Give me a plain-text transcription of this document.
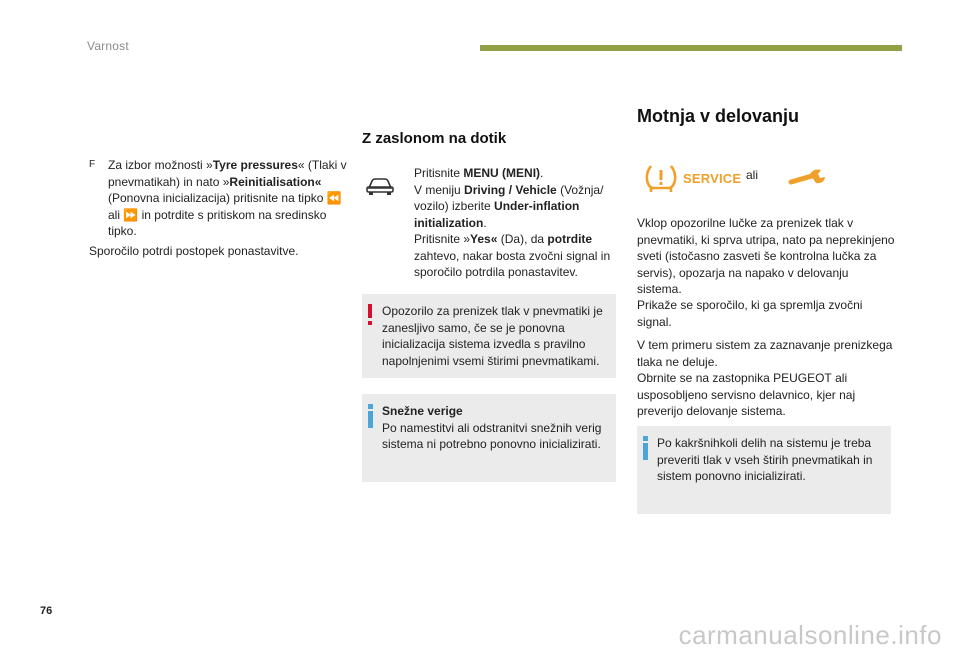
Varnost
F	Za izbor možnosti »Tyre pressures« (Tlaki v pnevmatikah) in nato »Reinitialisation« (Ponovna inicializacija) pritisnite na tipko ⏪ ali ⏩ in potrdite s pritiskom na sredinsko tipko.
Sporočilo potrdi postopek ponastavitve.
Z zaslonom na dotik
Pritisnite MENU (MENI).
V meniju Driving / Vehicle (Vožnja/ vozilo) izberite Under-inflation initialization.
Pritisnite »Yes« (Da), da potrdite zahtevo, nakar bosta zvočni signal in sporočilo potrdila ponastavitev.
Opozorilo za prenizek tlak v pnevmatiki je zanesljivo samo, če se je ponovna inicializacija sistema izvedla s pravilno napolnjenimi vsemi štirimi pnevmatikami.
Snežne verige
Po namestitvi ali odstranitvi snežnih verig sistema ni potrebno ponovno inicializirati.
Motnja v delovanju
SERVICE ali
Vklop opozorilne lučke za prenizek tlak v pnevmatiki, ki sprva utripa, nato pa neprekinjeno sveti (istočasno zasveti še kontrolna lučka za servis), opozarja na napako v delovanju sistema.
Prikaže se sporočilo, ki ga spremlja zvočni signal.
V tem primeru sistem za zaznavanje prenizkega tlaka ne deluje.
Obrnite se na zastopnika PEUGEOT ali usposobljeno servisno delavnico, kjer naj preverijo delovanje sistema.
Po kakršnihkoli delih na sistemu je treba preveriti tlak v vseh štirih pnevmatikah in sistem ponovno inicializirati.
76
carmanualsonline.info
